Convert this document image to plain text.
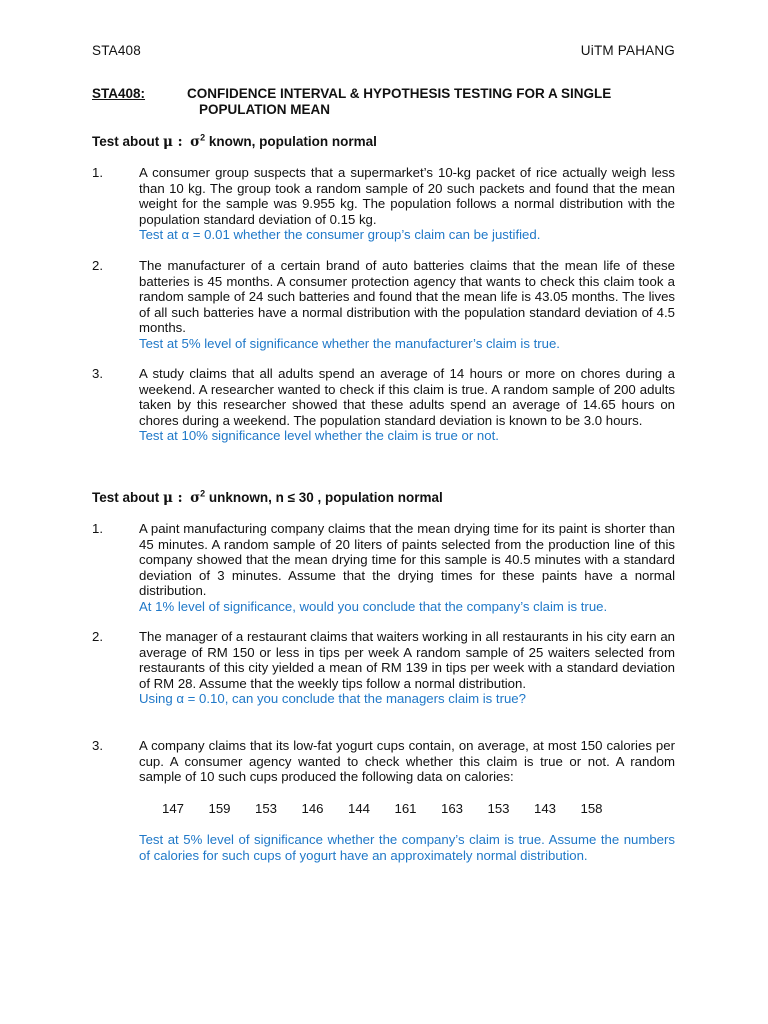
STA408	UiTM PAHANG
STA408:	CONFIDENCE INTERVAL & HYPOTHESIS TESTING FOR A SINGLE
POPULATION MEAN
Test about μ : $\sigma^2$ known, population normal
1.	A consumer group suspects that a supermarket’s 10-kg packet of rice actually weigh less than 10 kg. The group took a random sample of 20 such packets and found that the mean weight for the sample was 9.955 kg. The population follows a normal distribution with the population standard deviation of 0.15 kg.

Test at α = 0.01 whether the consumer group’s claim can be justified.

2.	The manufacturer of a certain brand of auto batteries claims that the mean life of these batteries is 45 months. A consumer protection agency that wants to check this claim took a random sample of 24 such batteries and found that the mean life is 43.05 months. The lives of all such batteries have a normal distribution with the population standard deviation of 4.5 months.

Test at 5% level of significance whether the manufacturer’s claim is true.

3.	A study claims that all adults spend an average of 14 hours or more on chores during a weekend. A researcher wanted to check if this claim is true. A random sample of 200 adults taken by this researcher showed that these adults spend an average of 14.65 hours on chores during a weekend. The population standard deviation is known to be 3.0 hours.

Test at 10% significance level whether the claim is true or not.

Test about μ : $\sigma^2$ unknown, n ≤ 30 , population normal
1.	A paint manufacturing company claims that the mean drying time for its paint is shorter than 45 minutes. A random sample of 20 liters of paints selected from the production line of this company showed that the mean drying time for this sample is 40.5 minutes with a standard deviation of 3 minutes. Assume that the drying times for these paints have a normal distribution.

At 1% level of significance, would you conclude that the company’s claim is true.

2.	The manager of a restaurant claims that waiters working in all restaurants in his city earn an average of RM 150 or less in tips per week A random sample of 25 waiters selected from restaurants of this city yielded a mean of RM 139 in tips per week with a standard deviation of RM 28. Assume that the weekly tips follow a normal distribution.

Using α = 0.10, can you conclude that the managers claim is true?

3.	A company claims that its low-fat yogurt cups contain, on average, at most 150 calories per cup. A consumer agency wanted to check whether this claim is true or not. A random sample of 10 such cups produced the following data on calories:

147	159	153	146	144	161	163	153	143	158

Test at 5% level of significance whether the company’s claim is true. Assume the numbers of calories for such cups of yogurt have an approximately normal distribution.
